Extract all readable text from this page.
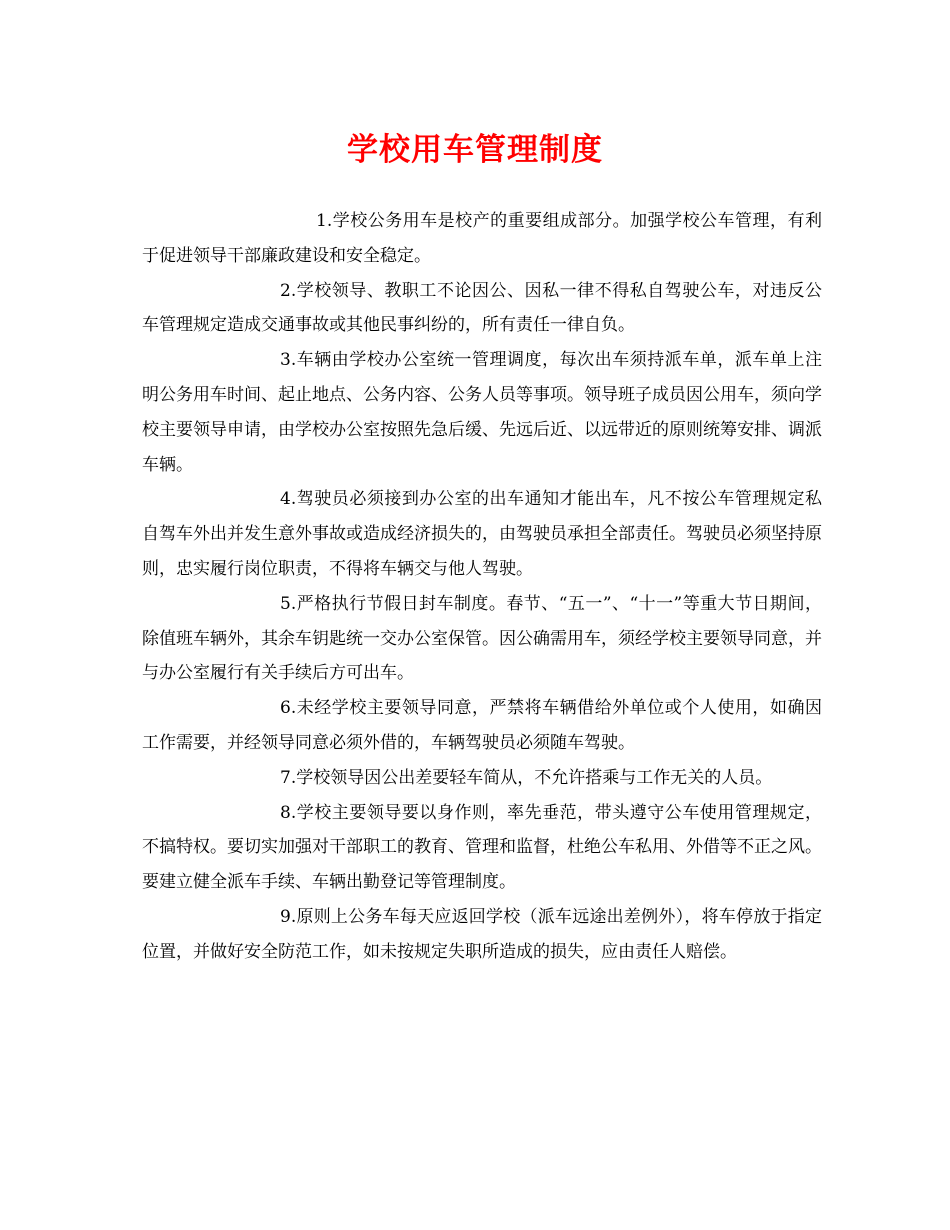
学校用车管理制度

1.学校公务用车是校产的重要组成部分。加强学校公车管理，有利于促进领导干部廉政建设和安全稳定。

2.学校领导、教职工不论因公、因私一律不得私自驾驶公车，对违反公车管理规定造成交通事故或其他民事纠纷的，所有责任一律自负。

3.车辆由学校办公室统一管理调度，每次出车须持派车单，派车单上注明公务用车时间、起止地点、公务内容、公务人员等事项。领导班子成员因公用车，须向学校主要领导申请，由学校办公室按照先急后缓、先远后近、以远带近的原则统筹安排、调派车辆。

4.驾驶员必须接到办公室的出车通知才能出车，凡不按公车管理规定私自驾车外出并发生意外事故或造成经济损失的，由驾驶员承担全部责任。驾驶员必须坚持原则，忠实履行岗位职责，不得将车辆交与他人驾驶。

5.严格执行节假日封车制度。春节、“五一”、“十一”等重大节日期间，除值班车辆外，其余车钥匙统一交办公室保管。因公确需用车，须经学校主要领导同意，并与办公室履行有关手续后方可出车。

6.未经学校主要领导同意，严禁将车辆借给外单位或个人使用，如确因工作需要，并经领导同意必须外借的，车辆驾驶员必须随车驾驶。

7.学校领导因公出差要轻车简从，不允许搭乘与工作无关的人员。

8.学校主要领导要以身作则，率先垂范，带头遵守公车使用管理规定，不搞特权。要切实加强对干部职工的教育、管理和监督，杜绝公车私用、外借等不正之风。要建立健全派车手续、车辆出勤登记等管理制度。

9.原则上公务车每天应返回学校（派车远途出差例外），将车停放于指定位置，并做好安全防范工作，如未按规定失职所造成的损失，应由责任人赔偿。
